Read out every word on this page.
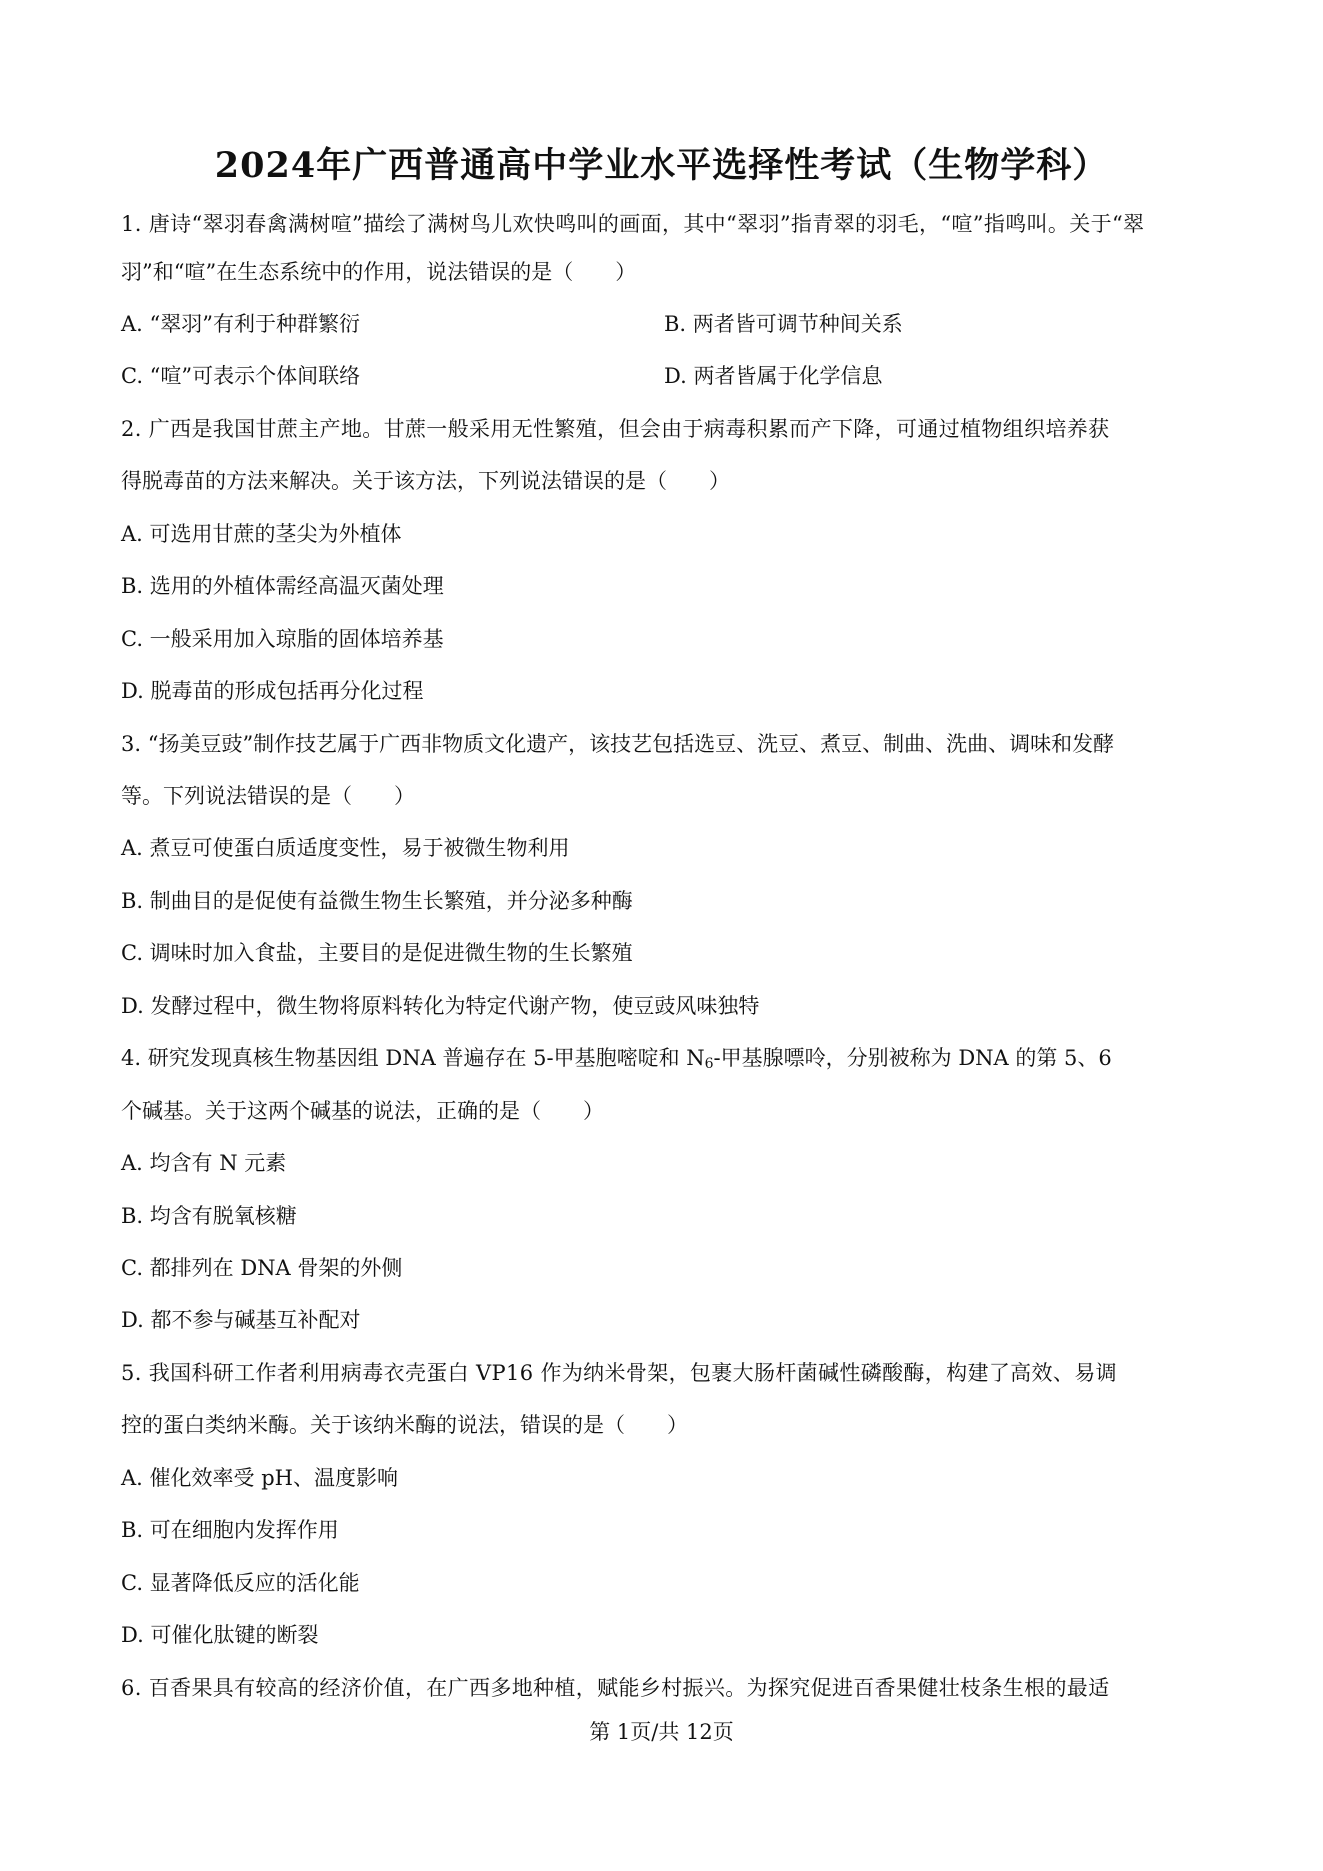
2024年广西普通高中学业水平选择性考试（生物学科）
1. 唐诗“翠羽春禽满树喧”描绘了满树鸟儿欢快鸣叫的画面，其中“翠羽”指青翠的羽毛，“喧”指鸣叫。关于“翠
羽”和“喧”在生态系统中的作用，说法错误的是（　　）
A. “翠羽”有利于种群繁衍	B. 两者皆可调节种间关系
C. “喧”可表示个体间联络	D. 两者皆属于化学信息
2. 广西是我国甘蔗主产地。甘蔗一般采用无性繁殖，但会由于病毒积累而产下降，可通过植物组织培养获
得脱毒苗的方法来解决。关于该方法，下列说法错误的是（　　）
A. 可选用甘蔗的茎尖为外植体
B. 选用的外植体需经高温灭菌处理
C. 一般采用加入琼脂的固体培养基
D. 脱毒苗的形成包括再分化过程
3. “扬美豆豉”制作技艺属于广西非物质文化遗产，该技艺包括选豆、洗豆、煮豆、制曲、洗曲、调味和发酵
等。下列说法错误的是（　　）
A. 煮豆可使蛋白质适度变性，易于被微生物利用
B. 制曲目的是促使有益微生物生长繁殖，并分泌多种酶
C. 调味时加入食盐，主要目的是促进微生物的生长繁殖
D. 发酵过程中，微生物将原料转化为特定代谢产物，使豆豉风味独特
4. 研究发现真核生物基因组 DNA 普遍存在 5-甲基胞嘧啶和 $N_6-$甲基腺嘌呤，分别被称为 DNA 的第 5、6
个碱基。关于这两个碱基的说法，正确的是（　　）
A. 均含有 N 元素
B. 均含有脱氧核糖
C. 都排列在 DNA 骨架的外侧
D. 都不参与碱基互补配对
5. 我国科研工作者利用病毒衣壳蛋白 VP16 作为纳米骨架，包裹大肠杆菌碱性磷酸酶，构建了高效、易调
控的蛋白类纳米酶。关于该纳米酶的说法，错误的是（　　）
A. 催化效率受 pH、温度影响
B. 可在细胞内发挥作用
C. 显著降低反应的活化能
D. 可催化肽键的断裂
6. 百香果具有较高的经济价值，在广西多地种植，赋能乡村振兴。为探究促进百香果健壮枝条生根的最适
第 1页/共 12页
